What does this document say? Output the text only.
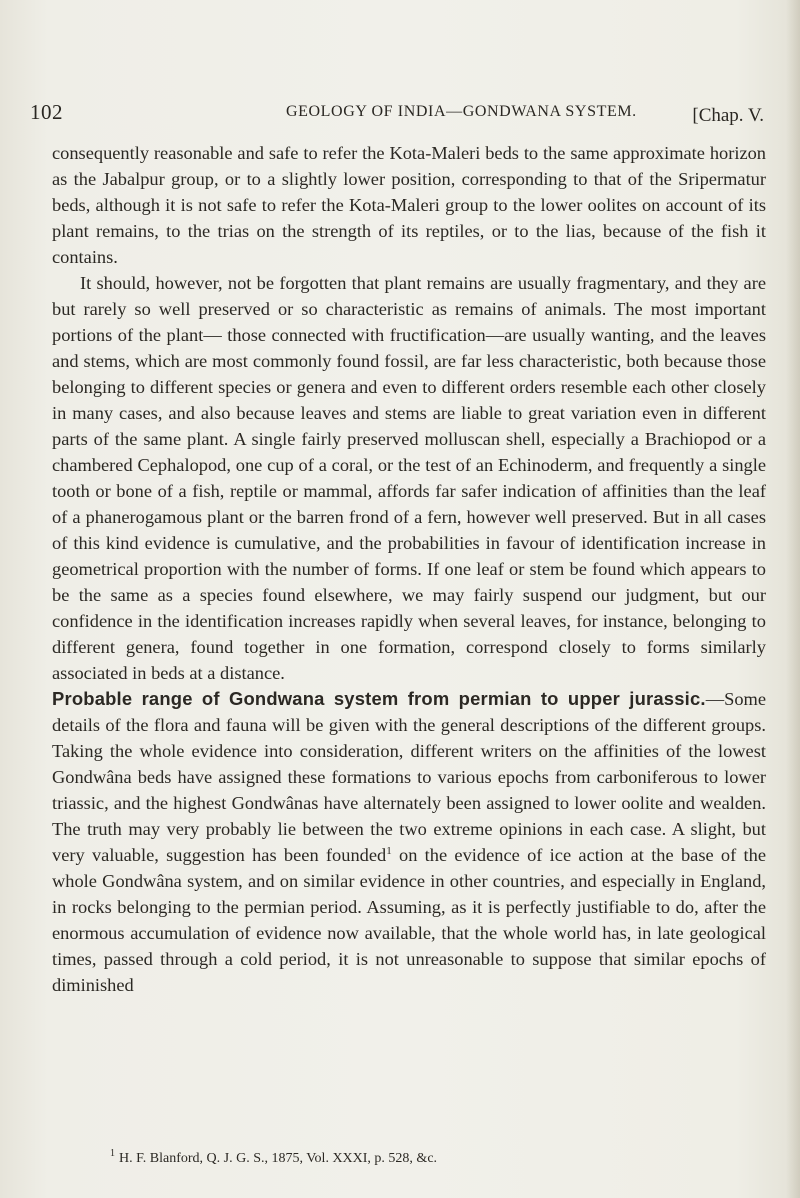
102	GEOLOGY OF INDIA—GONDWANA SYSTEM.	[Chap. V.

consequently reasonable and safe to refer the Kota-Maleri beds to the same approximate horizon as the Jabalpur group, or to a slightly lower position, corresponding to that of the Sripermatur beds, although it is not safe to refer the Kota-Maleri group to the lower oolites on account of its plant remains, to the trias on the strength of its reptiles, or to the lias, because of the fish it contains.

It should, however, not be forgotten that plant remains are usually fragmentary, and they are but rarely so well preserved or so characteristic as remains of animals. The most important portions of the plant— those connected with fructification—are usually wanting, and the leaves and stems, which are most commonly found fossil, are far less characteristic, both because those belonging to different species or genera and even to different orders resemble each other closely in many cases, and also because leaves and stems are liable to great variation even in different parts of the same plant. A single fairly preserved molluscan shell, especially a Brachiopod or a chambered Cephalopod, one cup of a coral, or the test of an Echinoderm, and frequently a single tooth or bone of a fish, reptile or mammal, affords far safer indication of affinities than the leaf of a phanerogamous plant or the barren frond of a fern, however well preserved. But in all cases of this kind evidence is cumulative, and the probabilities in favour of identification increase in geometrical proportion with the number of forms. If one leaf or stem be found which appears to be the same as a species found elsewhere, we may fairly suspend our judgment, but our confidence in the identification increases rapidly when several leaves, for instance, belonging to different genera, found together in one formation, correspond closely to forms similarly associated in beds at a distance.

Probable range of Gondwana system from permian to upper jurassic.—Some details of the flora and fauna will be given with the general descriptions of the different groups. Taking the whole evidence into consideration, different writers on the affinities of the lowest Gondwâna beds have assigned these formations to various epochs from carboniferous to lower triassic, and the highest Gondwânas have alternately been assigned to lower oolite and wealden. The truth may very probably lie between the two extreme opinions in each case. A slight, but very valuable, suggestion has been founded$^1$ on the evidence of ice action at the base of the whole Gondwâna system, and on similar evidence in other countries, and especially in England, in rocks belonging to the permian period. Assuming, as it is perfectly justifiable to do, after the enormous accumulation of evidence now available, that the whole world has, in late geological times, passed through a cold period, it is not unreasonable to suppose that similar epochs of diminished

$^1$ H. F. Blanford, Q. J. G. S., 1875, Vol. XXXI, p. 528, &c.
